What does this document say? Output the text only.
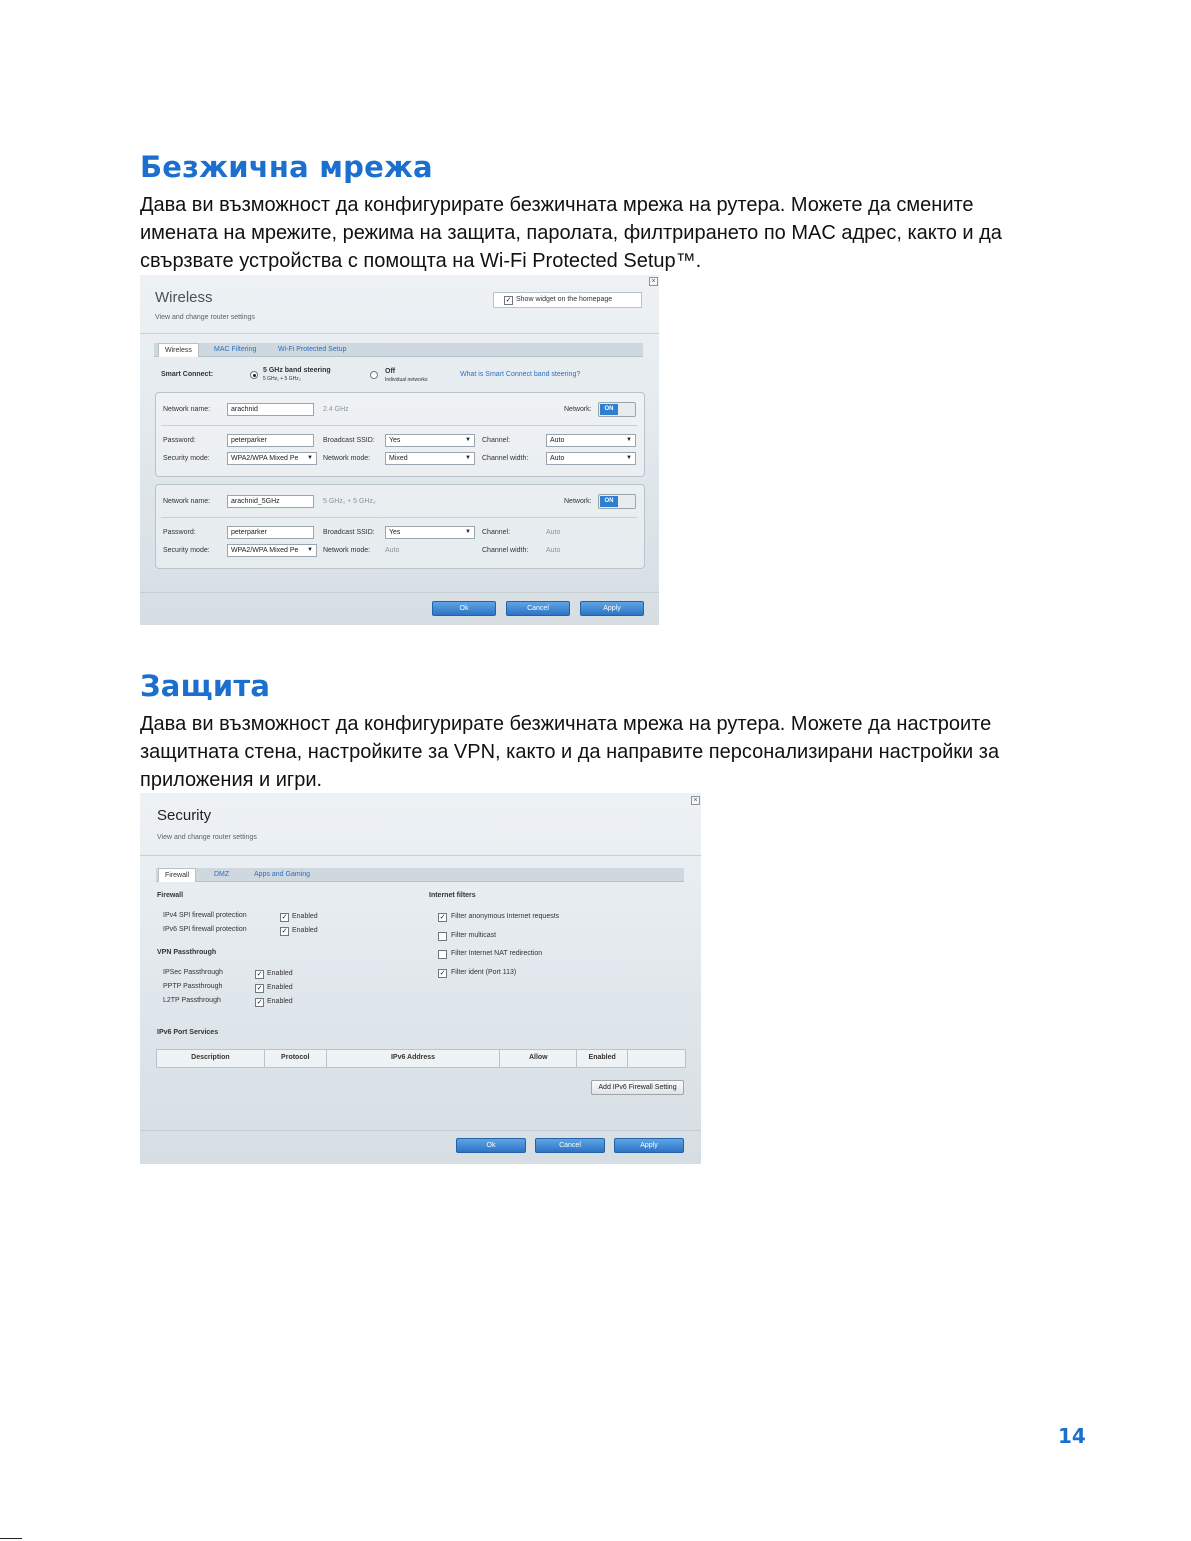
Безжична мрежа
Дава ви възможност да конфигурирате безжичната мрежа на рутера. Можете да смените
имената на мрежите, режима на защита, паролата, филтрирането по MAC адрес, както и да
свързвате устройства с помощта на Wi-Fi Protected Setup™.
×
Wireless
View and change router settings
✓ Show widget on the homepage
Wireless	MAC Filtering	Wi-Fi Protected Setup
Smart Connect:
5 GHz band steering
5 GHz₁ + 5 GHz₂
Off
Individual networks
What is Smart Connect band steering?
Network name:	arachnid	2.4 GHz	Network:	ON
Password:	peterparker	Broadcast SSID:	Yes	▼ Channel:	Auto	▼
Security mode:	WPA2/WPA Mixed Pe ▼ Network mode:	Mixed	▼ Channel width:	Auto	▼
Network name:	arachnid_5GHz	5 GHz₁ + 5 GHz₂	Network:	ON
Password:	peterparker	Broadcast SSID:	Yes	▼ Channel:	Auto
Security mode:	WPA2/WPA Mixed Pe ▼ Network mode: Auto	Channel width:	Auto
Ok	Cancel	Apply
Защита
Дава ви възможност да конфигурирате безжичната мрежа на рутера. Можете да настроите
защитната стена, настройките за VPN, както и да направите персонализирани настройки за
приложения и игри.
×
Security
View and change router settings
Firewall	DMZ	Apps and Gaming
Firewall
IPv4 SPI firewall protection	✓ Enabled
IPv6 SPI firewall protection	✓ Enabled
VPN Passthrough
IPSec Passthrough	✓ Enabled
PPTP Passthrough	✓ Enabled
L2TP Passthrough	✓ Enabled
Internet filters
✓ Filter anonymous Internet requests
Filter multicast
Filter Internet NAT redirection
✓ Filter ident (Port 113)
IPv6 Port Services
Description	Protocol	IPv6 Address	Allow	Enabled
Add IPv6 Firewall Setting
Ok	Cancel	Apply
14
